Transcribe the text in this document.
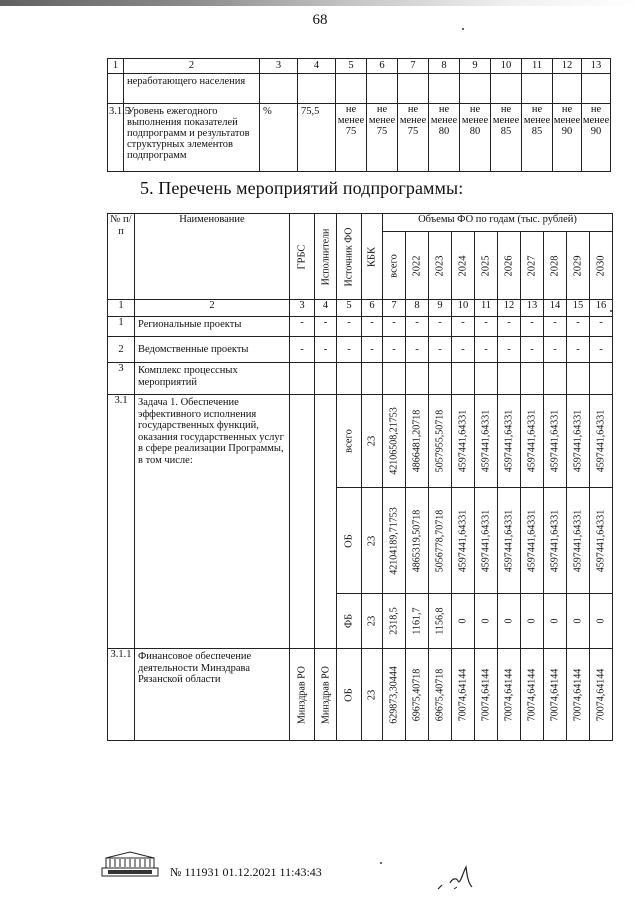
68
1	2	3	4	5	6	7	8	9	10	11	12	13
	неработающего населения											
3.1.5	Уровень ежегодного выполнения показателей подпрограмм и результатов структурных элементов подпрограмм	%	75,5	не менее 75	не менее 75	не менее 75	не менее 80	не менее 80	не менее 85	не менее 85	не менее 90	не менее 90
5. Перечень мероприятий подпрограммы:
№ п/п	Наименование	ГРБС	Исполнители	Источник ФО	КБК	Объемы ФО по годам (тыс. рублей)									

						всего	2022	2023	2024	2025	2026	2027	2028	2029	2030

1	2	3	4	5	6	7	8	9	10	11	12	13	14	15	16
1	Региональные проекты	-	-	-	-	-	-	-	-	-	-	-	-	-	-
2	Ведомственные проекты	-	-	-	-	-	-	-	-	-	-	-	-	-	-
3	Комплекс процессных мероприятий														
3.1	Задача 1. Обеспечение эффективного исполнения государственных функций, оказания государственных услуг в сфере реализации Программы, в том числе:			всего	23	42106508,21753	4866481,20718	5057955,50718	4597441,64331	4597441,64331	4597441,64331	4597441,64331	4597441,64331	4597441,64331	4597441,64331

				ОБ	23	42104189,71753	4865319,50718	5056778,70718	4597441,64331	4597441,64331	4597441,64331	4597441,64331	4597441,64331	4597441,64331	4597441,64331

				ФБ	23	2318,5	1161,7	1156,8	0	0	0	0	0	0	0

3.1.1	Финансовое обеспечение деятельности Минздрава Рязанской области	Минздрав РО	Минздрав РО	ОБ	23	629873,30444	69675,40718	69675,40718	70074,64144	70074,64144	70074,64144	70074,64144	70074,64144	70074,64144	70074,64144
№ 111931 01.12.2021 11:43:43
